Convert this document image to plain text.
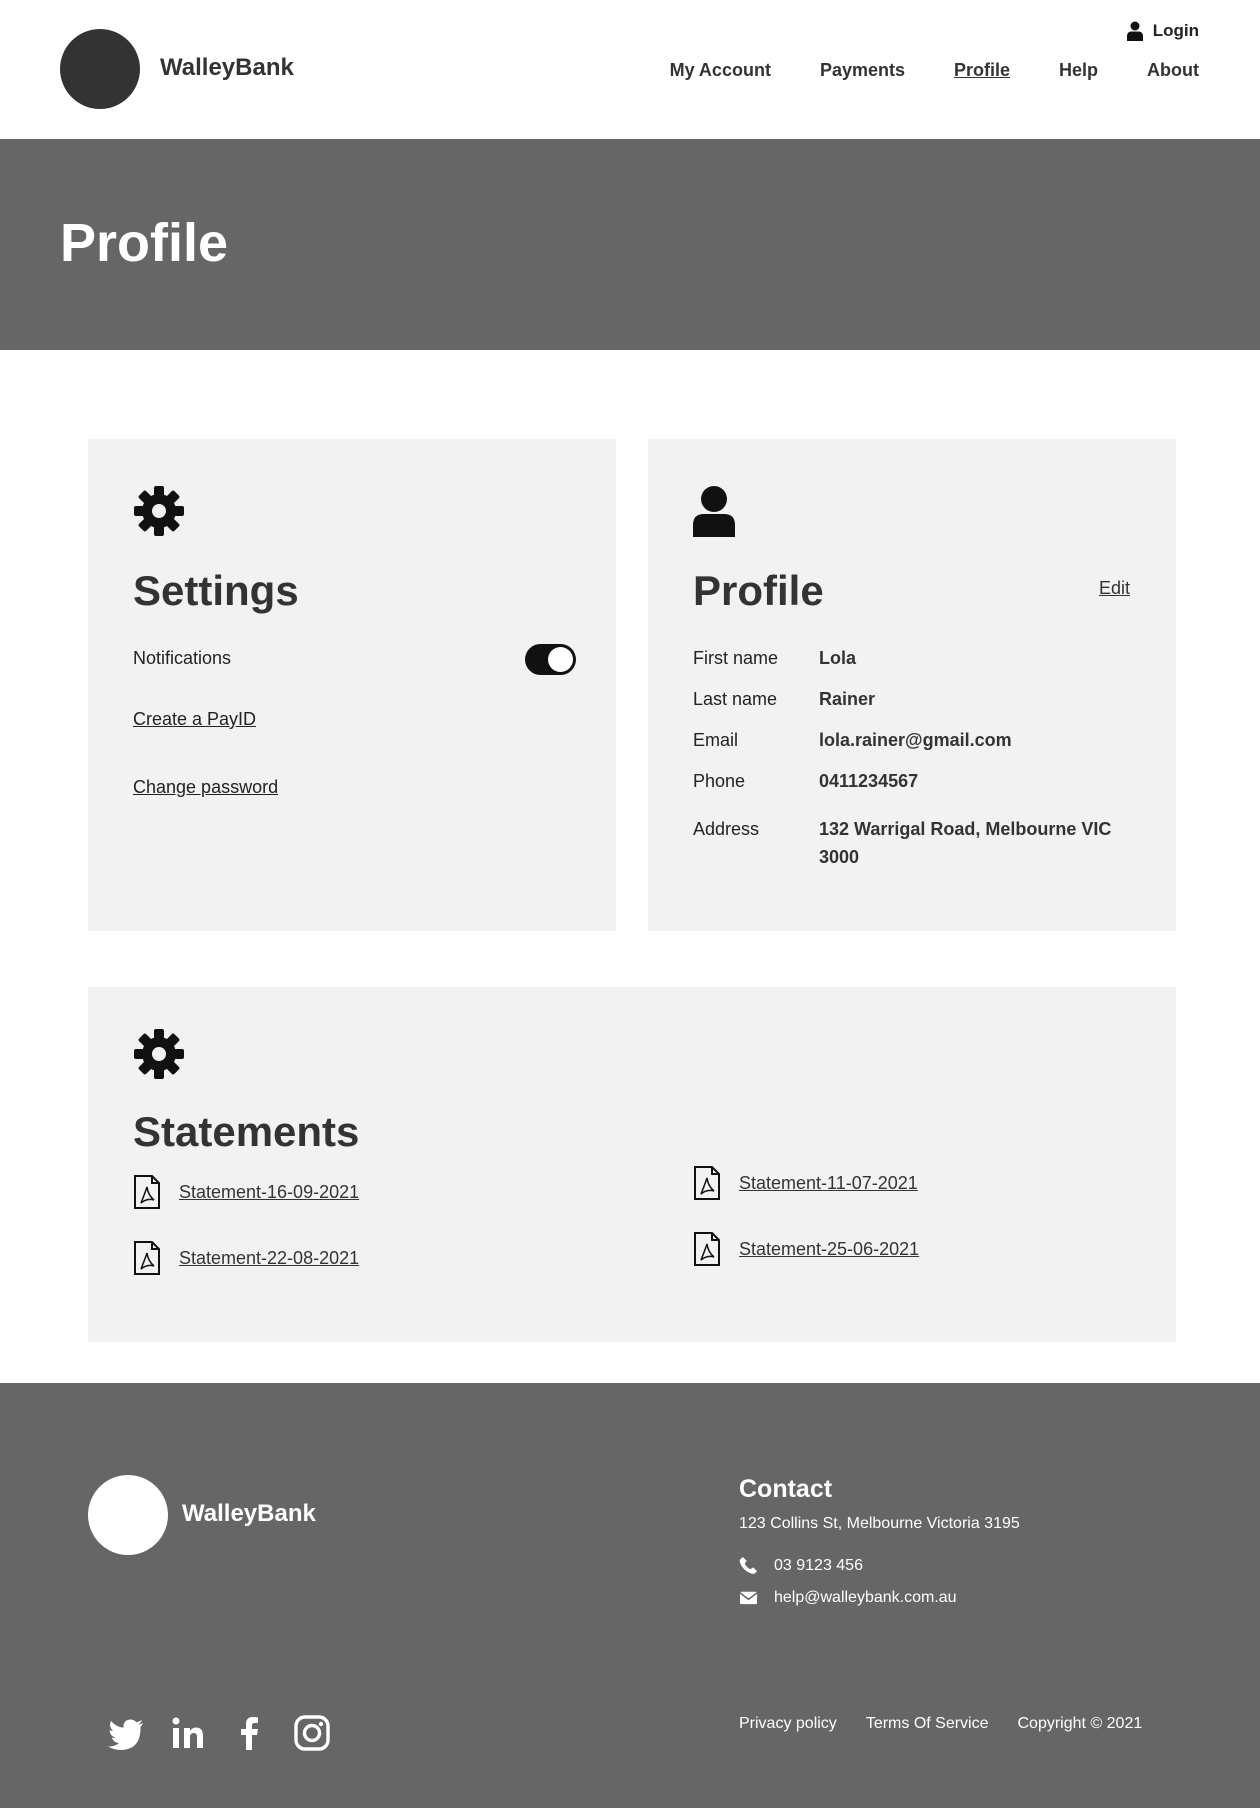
WalleyBank
Login
My Account	Payments	Profile	Help	About
Profile
Settings
Notifications
Create a PayID
Change password
Profile	Edit
First name Lola
Last name Rainer
Email	lola.rainer@gmail.com
Phone	0411234567
Address	132 Warrigal Road, Melbourne VIC 3000
Statements
Statement-16-09-2021
Statement-22-08-2021
Statement-11-07-2021
Statement-25-06-2021
WalleyBank
Contact
123 Collins St, Melbourne Victoria 3195
03 9123 456
help@walleybank.com.au
Privacy policy Terms Of Service Copyright © 2021
